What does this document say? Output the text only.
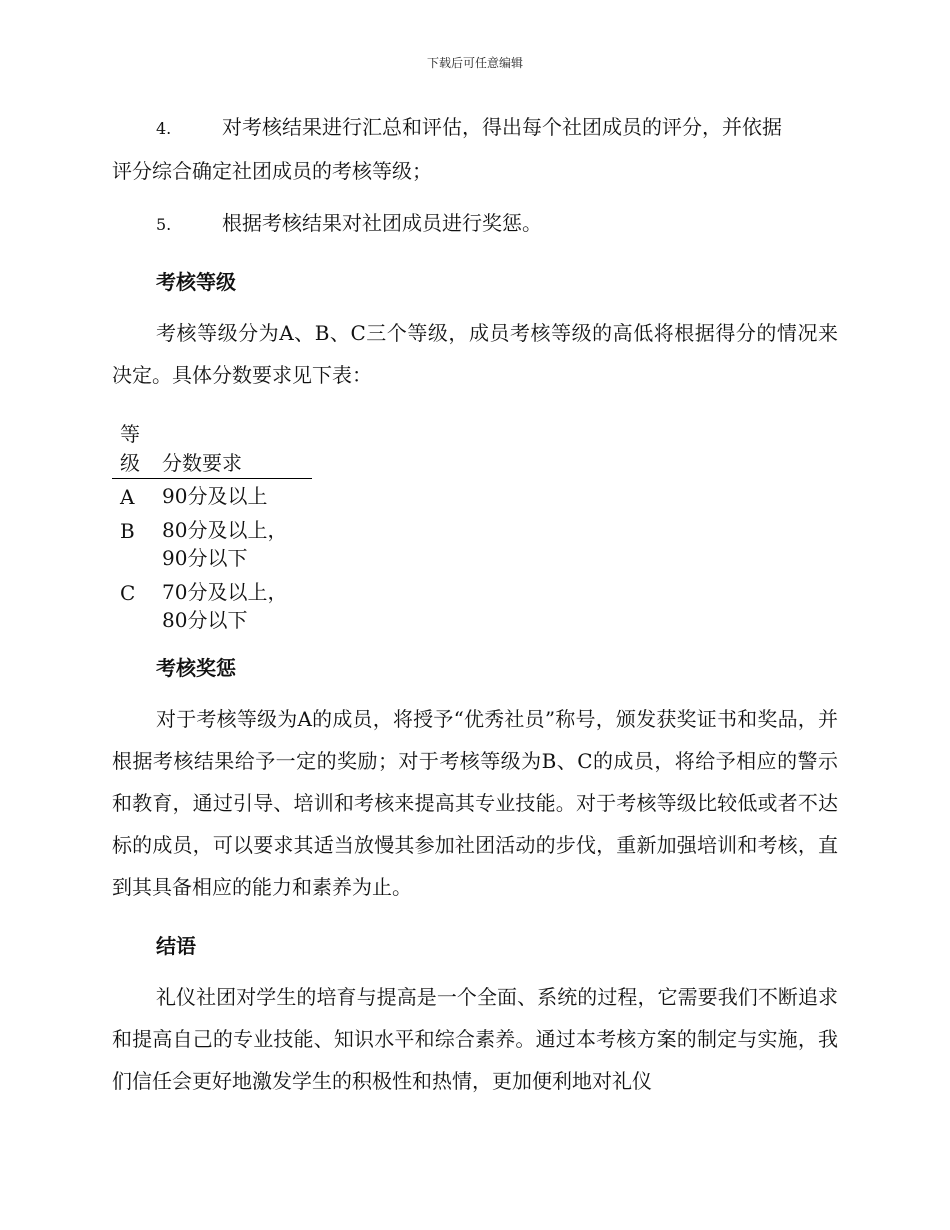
下载后可任意编辑
4.	对考核结果进行汇总和评估，得出每个社团成员的评分，并依据
评分综合确定社团成员的考核等级；
5.	根据考核结果对社团成员进行奖惩。
考核等级
考核等级分为A、B、C三个等级，成员考核等级的高低将根据得分的情况来决定。具体分数要求见下表：
等级 分数要求
A	90分及以上
B	80分及以上，90分以下
C	70分及以上，80分以下
考核奖惩
对于考核等级为A的成员，将授予“优秀社员”称号，颁发获奖证书和奖品，并根据考核结果给予一定的奖励；对于考核等级为B、C的成员，将给予相应的警示和教育，通过引导、培训和考核来提高其专业技能。对于考核等级比较低或者不达标的成员，可以要求其适当放慢其参加社团活动的步伐，重新加强培训和考核，直到其具备相应的能力和素养为止。
结语
礼仪社团对学生的培育与提高是一个全面、系统的过程，它需要我们不断追求和提高自己的专业技能、知识水平和综合素养。通过本考核方案的制定与实施，我们信任会更好地激发学生的积极性和热情，更加便利地对礼仪
